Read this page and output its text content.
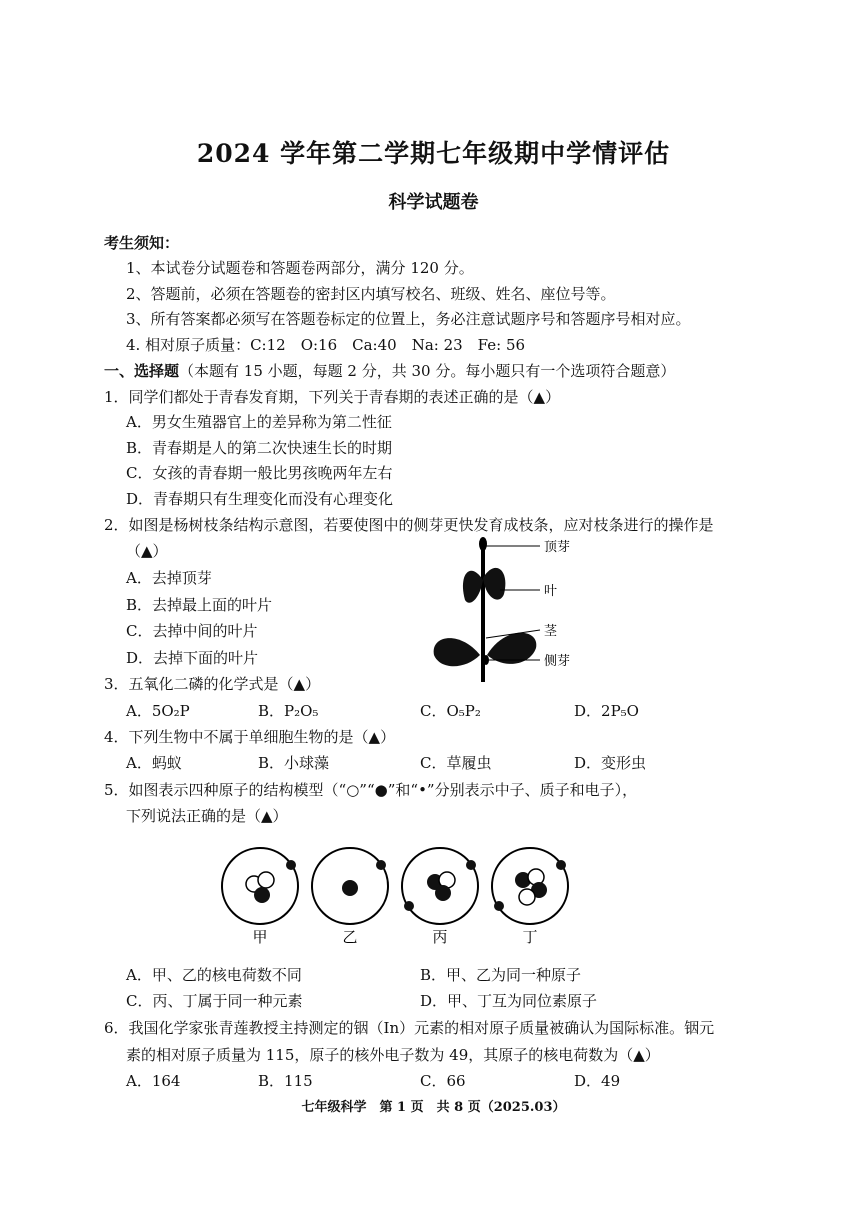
2024 学年第二学期七年级期中学情评估
科学试题卷
考生须知：
1、本试卷分试题卷和答题卷两部分，满分 120 分。
2、答题前，必须在答题卷的密封区内填写校名、班级、姓名、座位号等。
3、所有答案都必须写在答题卷标定的位置上，务必注意试题序号和答题序号相对应。
4. 相对原子质量：C:12　O:16　Ca:40　Na: 23　Fe: 56
一、选择题（本题有 15 小题，每题 2 分，共 30 分。每小题只有一个选项符合题意）
1．同学们都处于青春发育期，下列关于青春期的表述正确的是（▲）
A．男女生殖器官上的差异称为第二性征
B．青春期是人的第二次快速生长的时期
C．女孩的青春期一般比男孩晚两年左右
D．青春期只有生理变化而没有心理变化
2．如图是杨树枝条结构示意图，若要使图中的侧芽更快发育成枝条，应对枝条进行的操作是
（▲）
A．去掉顶芽
B．去掉最上面的叶片
C．去掉中间的叶片
D．去掉下面的叶片
顶芽
叶
茎
侧芽
3．五氧化二磷的化学式是（▲）
A．5O₂P	B．P₂O₅	C．O₅P₂	D．2P₅O
4．下列生物中不属于单细胞生物的是（▲）
A．蚂蚁	B．小球藻	C．草履虫	D．变形虫
5．如图表示四种原子的结构模型（“○”“●”和“•”分别表示中子、质子和电子），
下列说法正确的是（▲）
甲	乙	丙	丁
A．甲、乙的核电荷数不同	B．甲、乙为同一种原子
C．丙、丁属于同一种元素	D．甲、丁互为同位素原子
6．我国化学家张青莲教授主持测定的铟（In）元素的相对原子质量被确认为国际标准。铟元
素的相对原子质量为 115，原子的核外电子数为 49，其原子的核电荷数为（▲）
A．164	B．115	C．66	D．49
七年级科学　第 1 页　共 8 页（2025.03）
